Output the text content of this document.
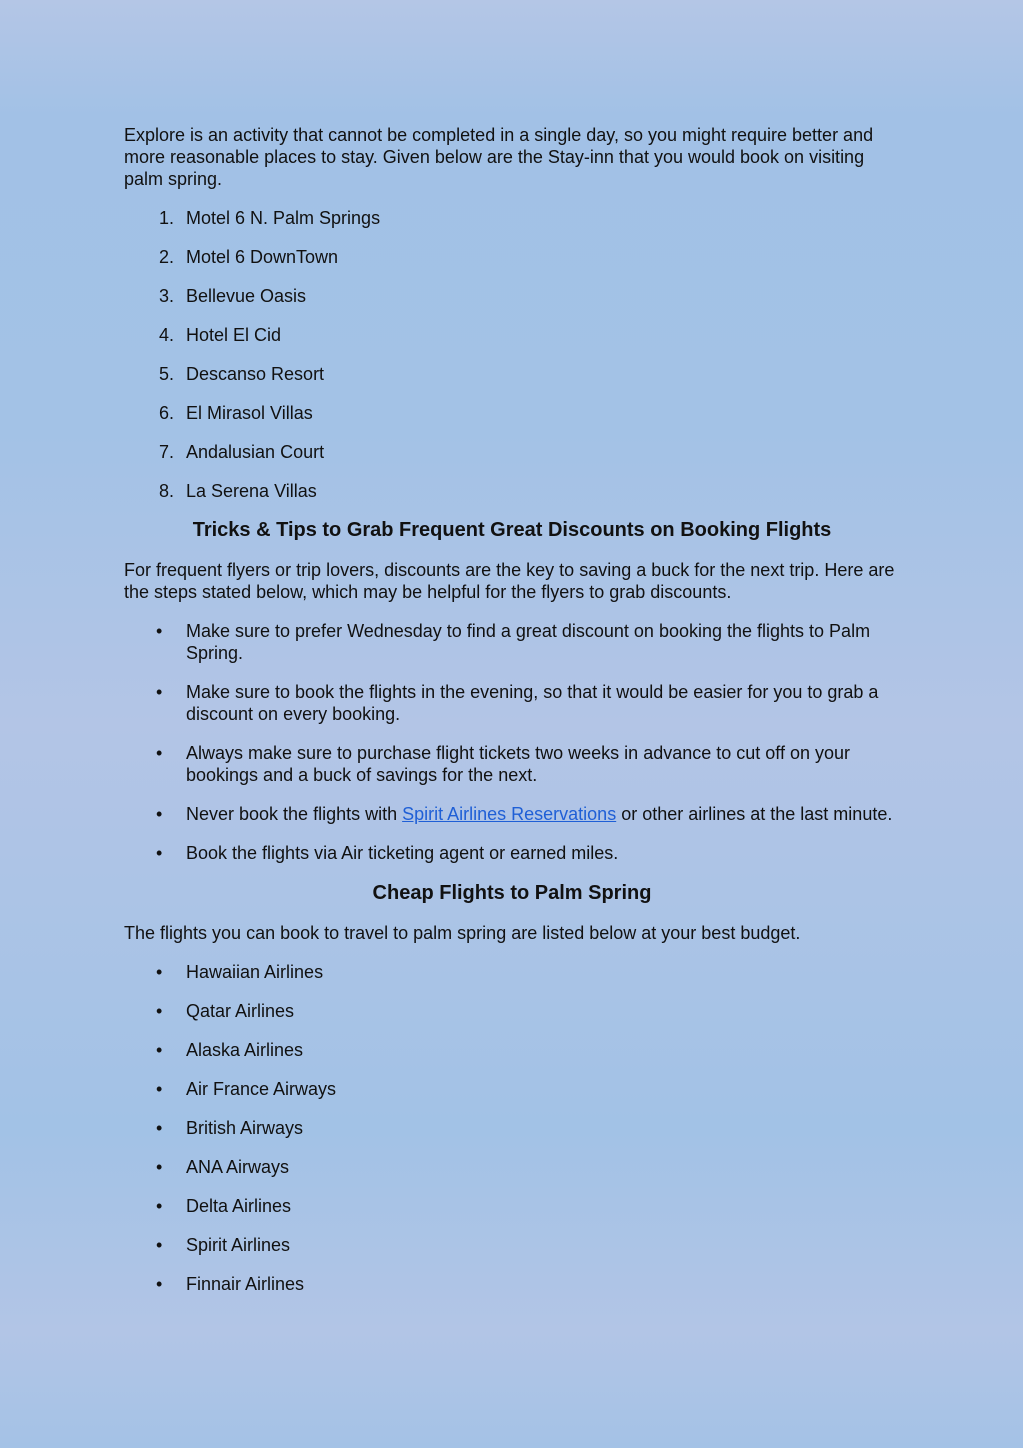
Explore is an activity that cannot be completed in a single day, so you might require better and more reasonable places to stay. Given below are the Stay-inn that you would book on visiting palm spring.

1. Motel 6 N. Palm Springs
2. Motel 6 DownTown
3. Bellevue Oasis
4. Hotel El Cid
5. Descanso Resort
6. El Mirasol Villas
7. Andalusian Court
8. La Serena Villas
Tricks & Tips to Grab Frequent Great Discounts on Booking Flights

For frequent flyers or trip lovers, discounts are the key to saving a buck for the next trip. Here are the steps stated below, which may be helpful for the flyers to grab discounts.

• Make sure to prefer Wednesday to find a great discount on booking the flights to Palm Spring.
• Make sure to book the flights in the evening, so that it would be easier for you to grab a discount on every booking.
• Always make sure to purchase flight tickets two weeks in advance to cut off on your bookings and a buck of savings for the next.
• Never book the flights with Spirit Airlines Reservations or other airlines at the last minute.
• Book the flights via Air ticketing agent or earned miles.
Cheap Flights to Palm Spring

The flights you can book to travel to palm spring are listed below at your best budget.

• Hawaiian Airlines
• Qatar Airlines
• Alaska Airlines
• Air France Airways
• British Airways
• ANA Airways
• Delta Airlines
• Spirit Airlines
• Finnair Airlines
